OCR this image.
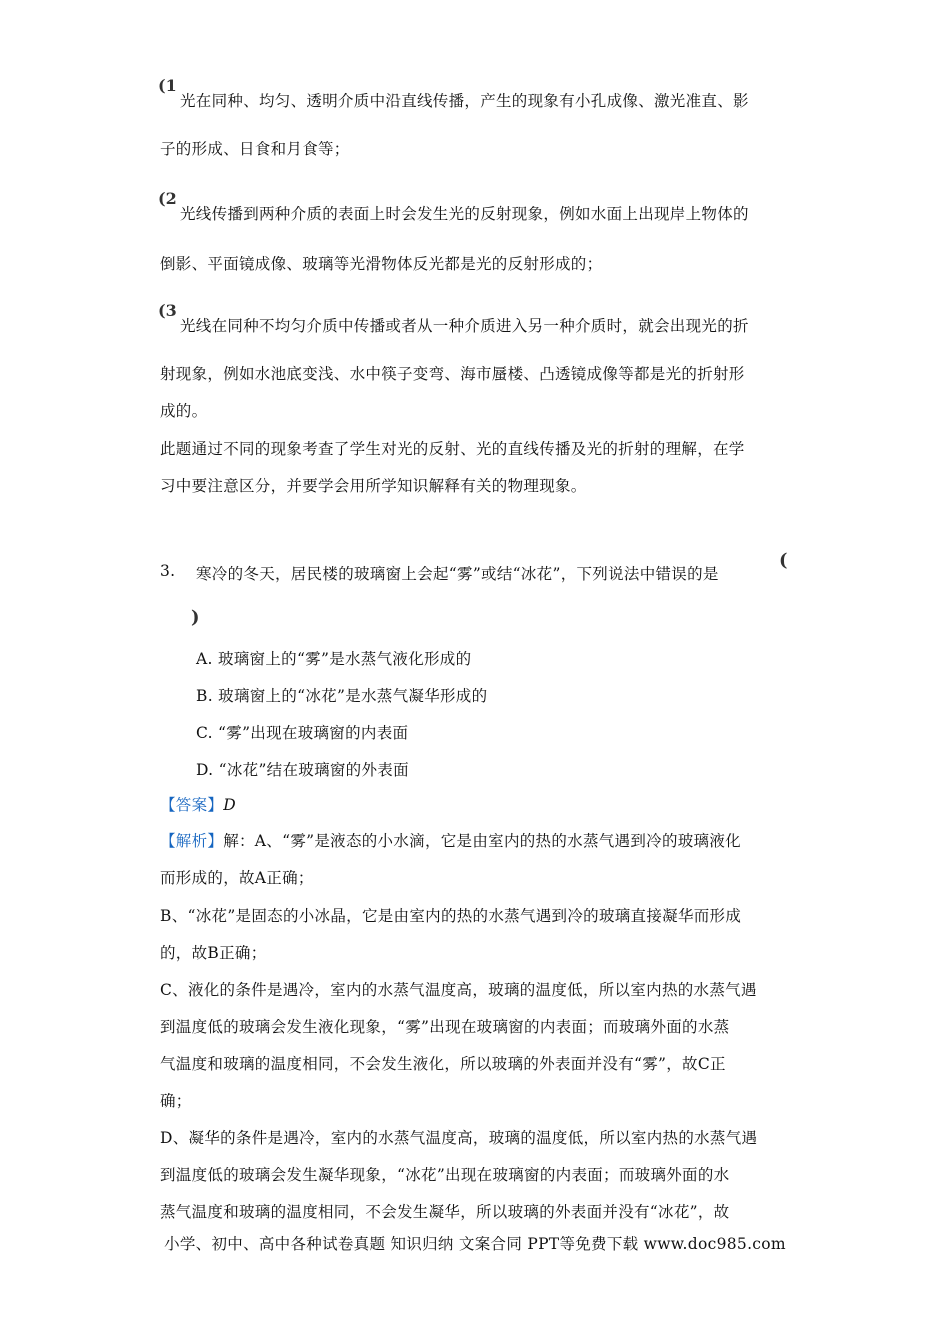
(1
光在同种、均匀、透明介质中沿直线传播，产生的现象有小孔成像、激光准直、影
子的形成、日食和月食等；
(2
光线传播到两种介质的表面上时会发生光的反射现象，例如水面上出现岸上物体的
倒影、平面镜成像、玻璃等光滑物体反光都是光的反射形成的；
(3
光线在同种不均匀介质中传播或者从一种介质进入另一种介质时，就会出现光的折
射现象，例如水池底变浅、水中筷子变弯、海市蜃楼、凸透镜成像等都是光的折射形
成的。
此题通过不同的现象考查了学生对光的反射、光的直线传播及光的折射的理解，在学
习中要注意区分，并要学会用所学知识解释有关的物理现象。
3. 寒冷的冬天，居民楼的玻璃窗上会起“雾”或结“冰花”，下列说法中错误的是
(
)
A. 玻璃窗上的“雾”是水蒸气液化形成的
B. 玻璃窗上的“冰花”是水蒸气凝华形成的
C. “雾”出现在玻璃窗的内表面
D. “冰花”结在玻璃窗的外表面
【答案】D
【解析】解：A、“雾”是液态的小水滴，它是由室内的热的水蒸气遇到冷的玻璃液化
而形成的，故A正确；
B、“冰花”是固态的小冰晶，它是由室内的热的水蒸气遇到冷的玻璃直接凝华而形成
的，故B正确；
C、液化的条件是遇冷，室内的水蒸气温度高，玻璃的温度低，所以室内热的水蒸气遇
到温度低的玻璃会发生液化现象，“雾”出现在玻璃窗的内表面；而玻璃外面的水蒸
气温度和玻璃的温度相同，不会发生液化，所以玻璃的外表面并没有“雾”，故C正
确；
D、凝华的条件是遇冷，室内的水蒸气温度高，玻璃的温度低，所以室内热的水蒸气遇
到温度低的玻璃会发生凝华现象，“冰花”出现在玻璃窗的内表面；而玻璃外面的水
蒸气温度和玻璃的温度相同，不会发生凝华，所以玻璃的外表面并没有“冰花”，故
小学、初中、高中各种试卷真题 知识归纳 文案合同 PPT等免费下载 www.doc985.com
